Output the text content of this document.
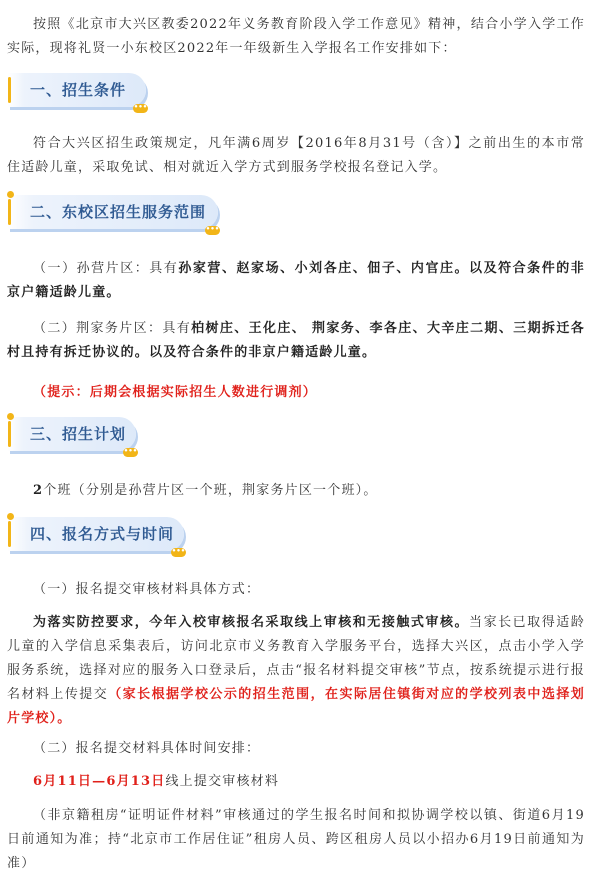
按照《北京市大兴区教委2022年义务教育阶段入学工作意见》精神，结合小学入学工作实际，现将礼贤一小东校区2022年一年级新生入学报名工作安排如下：

一、招生条件
•••

符合大兴区招生政策规定，凡年满6周岁【2016年8月31号（含）】之前出生的本市常住适龄儿童，采取免试、相对就近入学方式到服务学校报名登记入学。

二、东校区招生服务范围
•••

（一）孙营片区：具有孙家营、赵家场、小刘各庄、佃子、内官庄。以及符合条件的非京户籍适龄儿童。

（二）荆家务片区：具有柏树庄、王化庄、 荆家务、李各庄、大辛庄二期、三期拆迁各村且持有拆迁协议的。以及符合条件的非京户籍适龄儿童。

（提示：后期会根据实际招生人数进行调剂）

三、招生计划
•••

2个班（分别是孙营片区一个班，荆家务片区一个班）。

四、报名方式与时间
•••

（一）报名提交审核材料具体方式：

为落实防控要求，今年入校审核报名采取线上审核和无接触式审核。当家长已取得适龄儿童的入学信息采集表后，访问北京市义务教育入学服务平台，选择大兴区，点击小学入学服务系统，选择对应的服务入口登录后，点击“报名材料提交审核”节点，按系统提示进行报名材料上传提交（家长根据学校公示的招生范围，在实际居住镇街对应的学校列表中选择划片学校）。

（二）报名提交材料具体时间安排：

6月11日—6月13日线上提交审核材料

（非京籍租房“证明证件材料”审核通过的学生报名时间和拟协调学校以镇、街道6月19日前通知为准；持“北京市工作居住证”租房人员、跨区租房人员以小招办6月19日前通知为准）
